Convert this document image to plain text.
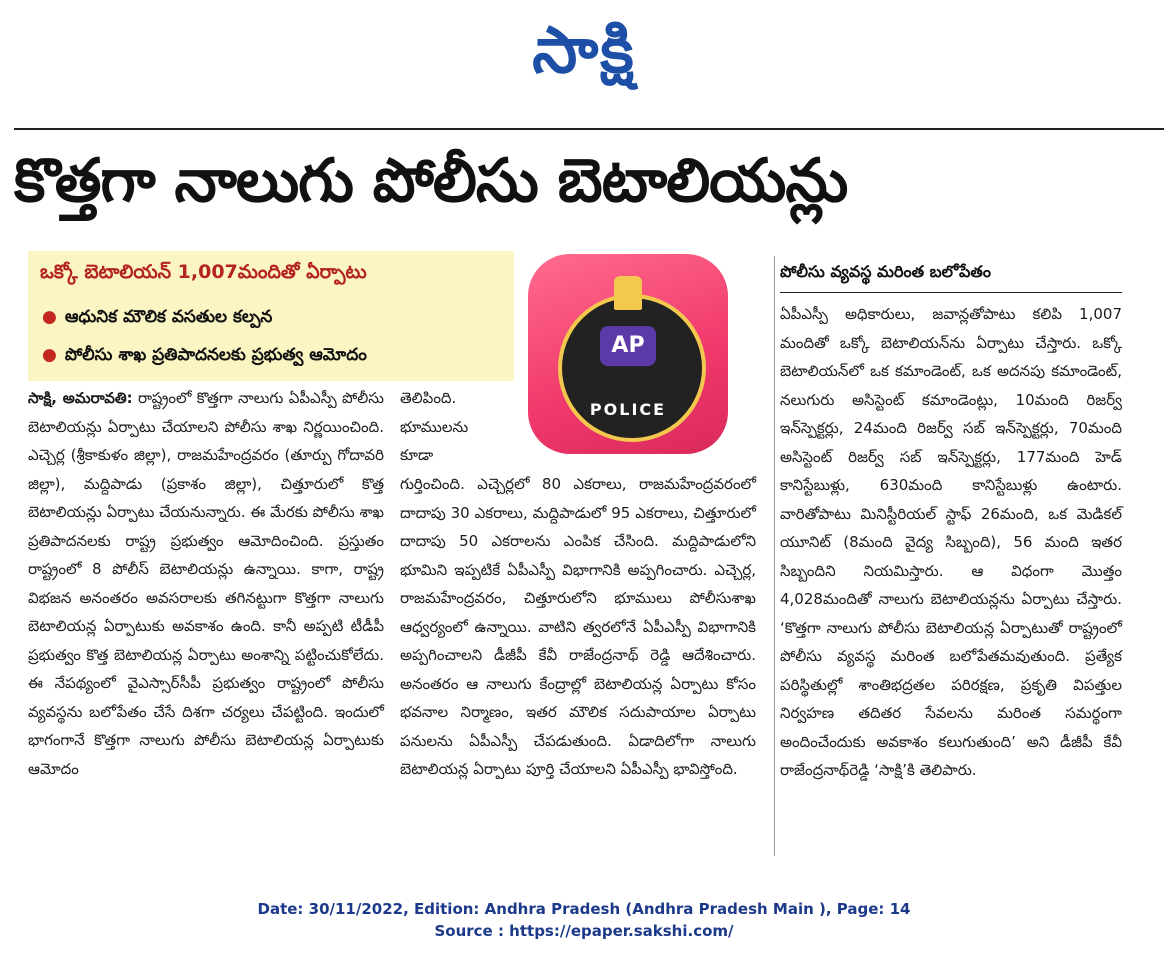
సాక్షి
కొత్తగా నాలుగు పోలీసు బెటాలియన్లు
ఒక్కో బెటాలియన్ 1,007మందితో ఏర్పాటు
● ఆధునిక మౌలిక వసతుల కల్పన
● పోలీసు శాఖ ప్రతిపాదనలకు ప్రభుత్వ ఆమోదం	AP
POLICE
పోలీసు వ్యవస్థ మరింత బలోపేతం

సాక్షి, అమరావతి: రాష్ట్రంలో కొత్తగా నాలుగు ఏపీఎస్పీ పోలీసు బెటాలియన్లు ఏర్పాటు చేయాలని పోలీసు శాఖ నిర్ణయించింది. ఎచ్చెర్ల (శ్రీకాకుళం జిల్లా), రాజమహేంద్రవరం (తూర్పు గోదావరి జిల్లా), మద్దిపాడు (ప్రకాశం జిల్లా), చిత్తూరులో కొత్త బెటాలియన్లు ఏర్పాటు చేయనున్నారు. ఈ మేరకు పోలీసు శాఖ ప్రతిపాదనలకు రాష్ట్ర ప్రభుత్వం ఆమోదించింది. ప్రస్తుతం రాష్ట్రంలో 8 పోలీస్ బెటాలియన్లు ఉన్నాయి. కాగా, రాష్ట్ర విభజన అనంతరం అవసరాలకు తగినట్టుగా కొత్తగా నాలుగు బెటాలియన్ల ఏర్పాటుకు అవకాశం ఉంది. కానీ అప్పటి టీడీపీ ప్రభుత్వం కొత్త బెటాలియన్ల ఏర్పాటు అంశాన్ని పట్టించుకోలేదు. ఈ నేపథ్యంలో వైఎస్సార్‌సీపీ ప్రభుత్వం రాష్ట్రంలో పోలీసు వ్యవస్థను బలోపేతం చేసే దిశగా చర్యలు చేపట్టింది. ఇందులో భాగంగానే కొత్తగా నాలుగు పోలీసు బెటాలియన్ల ఏర్పాటుకు ఆమోదం

తెలిపింది.
భూములను
కూడా

గుర్తించింది. ఎచ్చెర్లలో 80 ఎకరాలు, రాజమహేంద్రవరంలో దాదాపు 30 ఎకరాలు, మద్దిపాడులో 95 ఎకరాలు, చిత్తూరులో దాదాపు 50 ఎకరాలను ఎంపిక చేసింది. మద్దిపాడులోని భూమిని ఇప్పటికే ఏపీఎస్పీ విభాగానికి అప్పగించారు. ఎచ్చెర్ల, రాజమహేంద్రవరం, చిత్తూరులోని భూములు పోలీసుశాఖ ఆధ్వర్యంలో ఉన్నాయి. వాటిని త్వరలోనే ఏపీఎస్పీ విభాగానికి అప్పగించాలని డీజీపీ కేవీ రాజేంద్రనాథ్ రెడ్డి ఆదేశించారు. అనంతరం ఆ నాలుగు కేంద్రాల్లో బెటాలియన్ల ఏర్పాటు కోసం భవనాల నిర్మాణం, ఇతర మౌలిక సదుపాయాల ఏర్పాటు పనులను ఏపీఎస్పీ చేపడుతుంది. ఏడాదిలోగా నాలుగు బెటాలియన్ల ఏర్పాటు పూర్తి చేయాలని ఏపీఎస్పీ భావిస్తోంది.

ఏపీఎస్పీ అధికారులు, జవాన్లతోపాటు కలిపి 1,007 మందితో ఒక్కో బెటాలియన్‌ను ఏర్పాటు చేస్తారు. ఒక్కో బెటాలియన్‌లో ఒక కమాండెంట్, ఒక అదనపు కమాండెంట్, నలుగురు అసిస్టెంట్ కమాండెంట్లు, 10మంది రిజర్వ్ ఇన్‌స్పెక్టర్లు, 24మంది రిజర్వ్ సబ్ ఇన్‌స్పెక్టర్లు, 70మంది అసిస్టెంట్ రిజర్వ్ సబ్ ఇన్‌స్పెక్టర్లు, 177మంది హెడ్ కానిస్టేబుళ్లు, 630మంది కానిస్టేబుళ్లు ఉంటారు. వారితోపాటు మినిస్టీరియల్ స్టాఫ్ 26మంది, ఒక మెడికల్ యూనిట్ (8మంది వైద్య సిబ్బంది), 56 మంది ఇతర సిబ్బందిని నియమిస్తారు. ఆ విధంగా మొత్తం 4,028మందితో నాలుగు బెటాలియన్లను ఏర్పాటు చేస్తారు. ‘కొత్తగా నాలుగు పోలీసు బెటాలియన్ల ఏర్పాటుతో రాష్ట్రంలో పోలీసు వ్యవస్థ మరింత బలోపేతమవుతుంది. ప్రత్యేక పరిస్థితుల్లో శాంతిభద్రతల పరిరక్షణ, ప్రకృతి విపత్తుల నిర్వహణ తదితర సేవలను మరింత సమర్థంగా అందించేందుకు అవకాశం కలుగుతుంది’ అని డీజీపీ కేవీ రాజేంద్రనాథ్‌రెడ్డి ‘సాక్షి’కి తెలిపారు.

Date: 30/11/2022, Edition: Andhra Pradesh (Andhra Pradesh Main ), Page: 14
Source : https://epaper.sakshi.com/
